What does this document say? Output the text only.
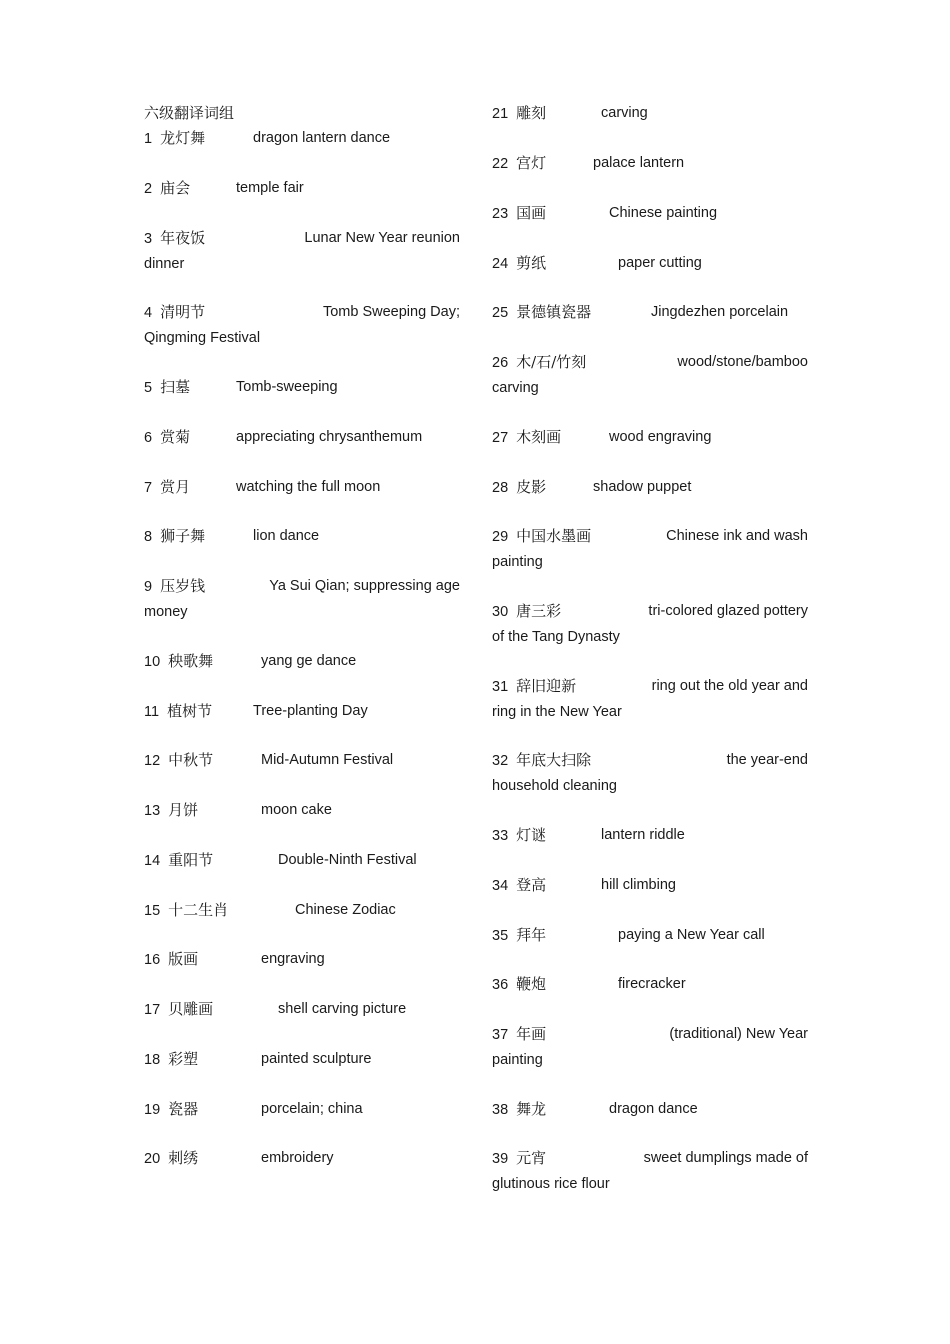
六级翻译词组
1 龙灯舞	dragon lantern dance
2 庙会	temple fair
3 年夜饭	Lunar New Year reunion
dinner
4 清明节	Tomb Sweeping Day;
Qingming Festival
5 扫墓	Tomb-sweeping
6 赏菊	appreciating chrysanthemum
7 赏月	watching the full moon
8 狮子舞	lion dance
9 压岁钱	Ya Sui Qian; suppressing age
money
10 秧歌舞	yang ge dance
11 植树节	Tree-planting Day
12 中秋节	Mid-Autumn Festival
13 月饼	moon cake
14 重阳节	Double-Ninth Festival
15 十二生肖	Chinese Zodiac
16 版画	engraving
17 贝雕画	shell carving picture
18 彩塑	painted sculpture
19 瓷器	porcelain; china
20 刺绣	embroidery
21 雕刻	carving
22 宫灯	palace lantern
23 国画	Chinese painting
24 剪纸	paper cutting
25 景德镇瓷器	Jingdezhen porcelain
26 木/石/竹刻	wood/stone/bamboo
carving
27 木刻画	wood engraving
28 皮影	shadow puppet
29 中国水墨画	Chinese ink and wash
painting
30 唐三彩	tri-colored glazed pottery
of the Tang Dynasty
31 辞旧迎新	ring out the old year and
ring in the New Year
32 年底大扫除	the year-end
household cleaning
33 灯谜	lantern riddle
34 登高	hill climbing
35 拜年	paying a New Year call
36 鞭炮	firecracker
37 年画	(traditional) New Year
painting
38 舞龙	dragon dance
39 元宵	sweet dumplings made of
glutinous rice flour
